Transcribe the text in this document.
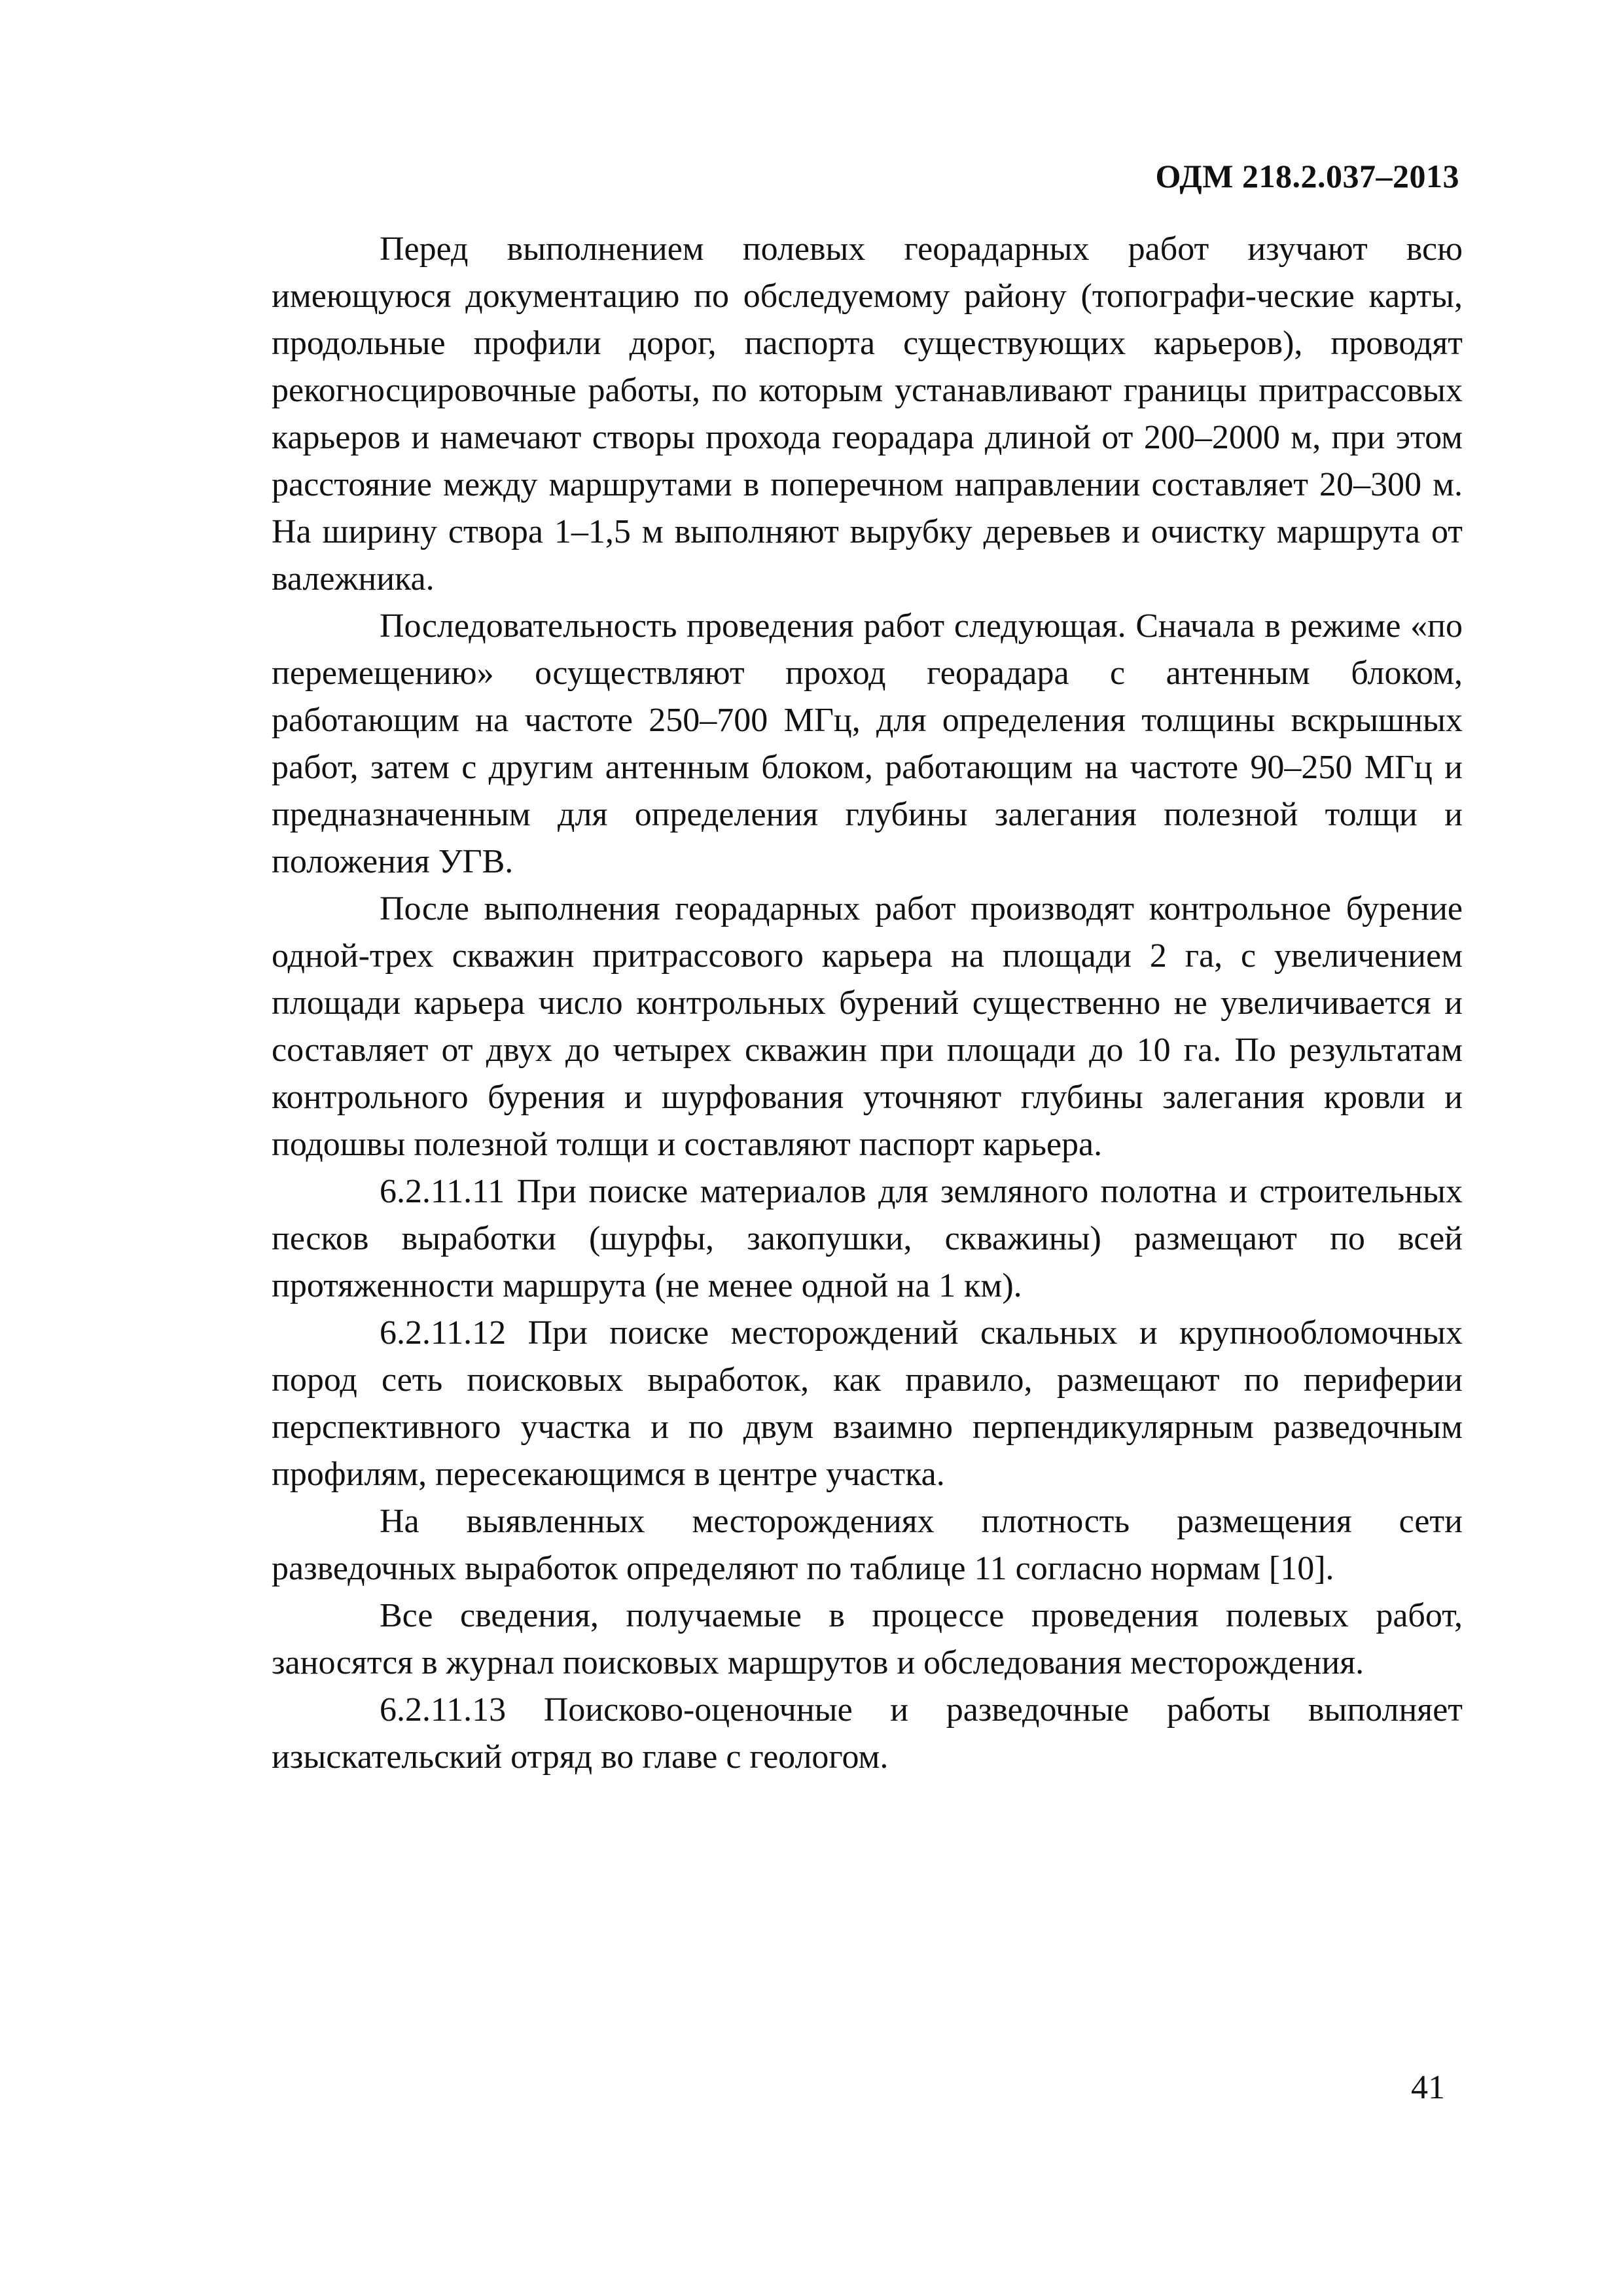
ОДМ 218.2.037–2013

Перед выполнением полевых георадарных работ изучают всю имеющуюся документацию по обследуемому району (топографи-ческие карты, продольные профили дорог, паспорта существующих карьеров), проводят рекогносцировочные работы, по которым устанавливают границы притрассовых карьеров и намечают створы прохода георадара длиной от 200–2000 м, при этом расстояние между маршрутами в поперечном направлении составляет 20–300 м. На ширину створа 1–1,5 м выполняют вырубку деревьев и очистку маршрута от валежника.

Последовательность проведения работ следующая. Сначала в режиме «по перемещению» осуществляют проход георадара с антенным блоком, работающим на частоте 250–700 МГц, для определения толщины вскрышных работ, затем с другим антенным блоком, работающим на частоте 90–250 МГц и предназначенным для определения глубины залегания полезной толщи и положения УГВ.

После выполнения георадарных работ производят контрольное бурение одной-трех скважин притрассового карьера на площади 2 га, с увеличением площади карьера число контрольных бурений существенно не увеличивается и составляет от двух до четырех скважин при площади до 10 га. По результатам контрольного бурения и шурфования уточняют глубины залегания кровли и подошвы полезной толщи и составляют паспорт карьера.

6.2.11.11 При поиске материалов для земляного полотна и строительных песков выработки (шурфы, закопушки, скважины) размещают по всей протяженности маршрута (не менее одной на 1 км).

6.2.11.12 При поиске месторождений скальных и крупнообломочных пород сеть поисковых выработок, как правило, размещают по периферии перспективного участка и по двум взаимно перпендикулярным разведочным профилям, пересекающимся в центре участка.

На выявленных месторождениях плотность размещения сети разведочных выработок определяют по таблице 11 согласно нормам [10].

Все сведения, получаемые в процессе проведения полевых работ, заносятся в журнал поисковых маршрутов и обследования месторождения.

6.2.11.13 Поисково-оценочные и разведочные работы выполняет изыскательский отряд во главе с геологом.

41
